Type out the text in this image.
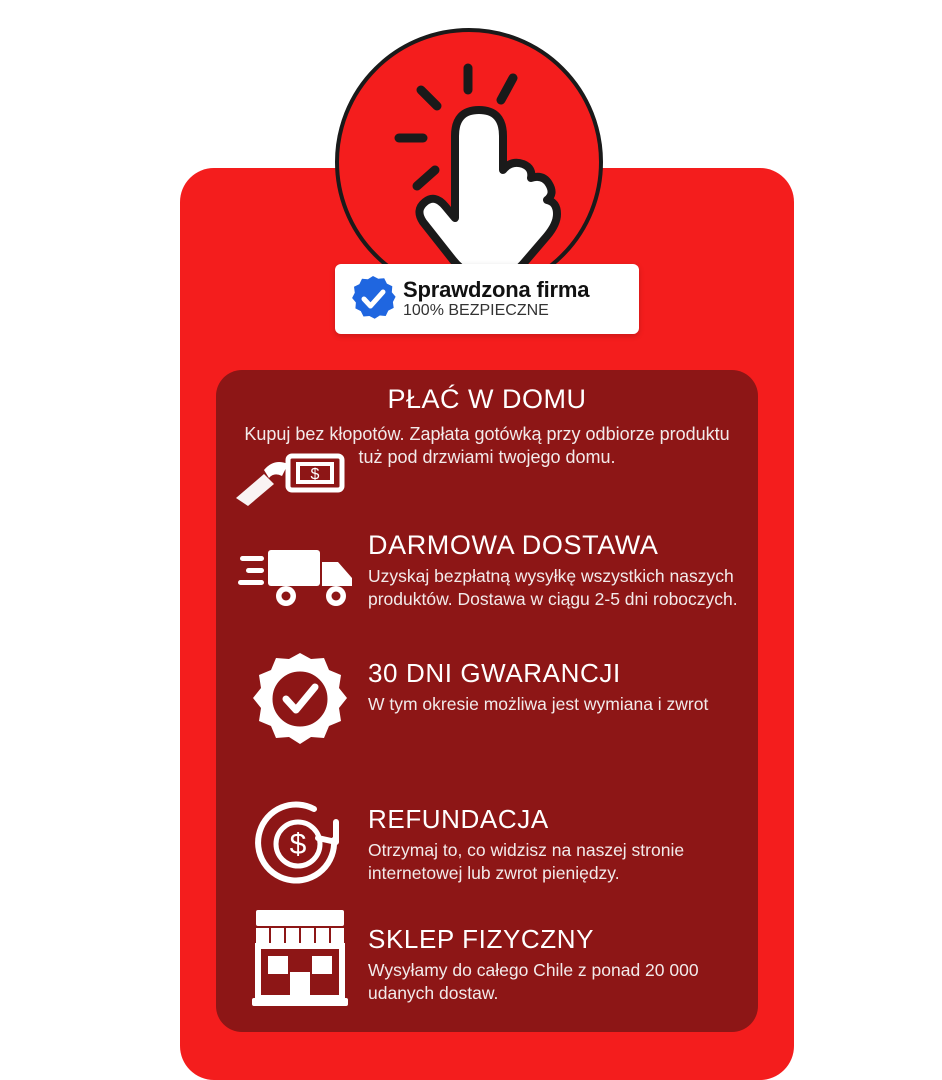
$
PŁAĆ W DOMU

Kupuj bez kłopotów. Zapłata gotówką przy odbiorze produktu tuż pod drzwiami twojego domu.

DARMOWA DOSTAWA

Uzyskaj bezpłatną wysyłkę wszystkich naszych produktów. Dostawa w ciągu 2-5 dni roboczych.

30 DNI GWARANCJI

W tym okresie możliwa jest wymiana i zwrot

$
REFUNDACJA

Otrzymaj to, co widzisz na naszej stronie internetowej lub zwrot pieniędzy.

SKLEP FIZYCZNY

Wysyłamy do całego Chile z ponad 20 000 udanych dostaw.

Sprawdzona firma
100% BEZPIECZNE
